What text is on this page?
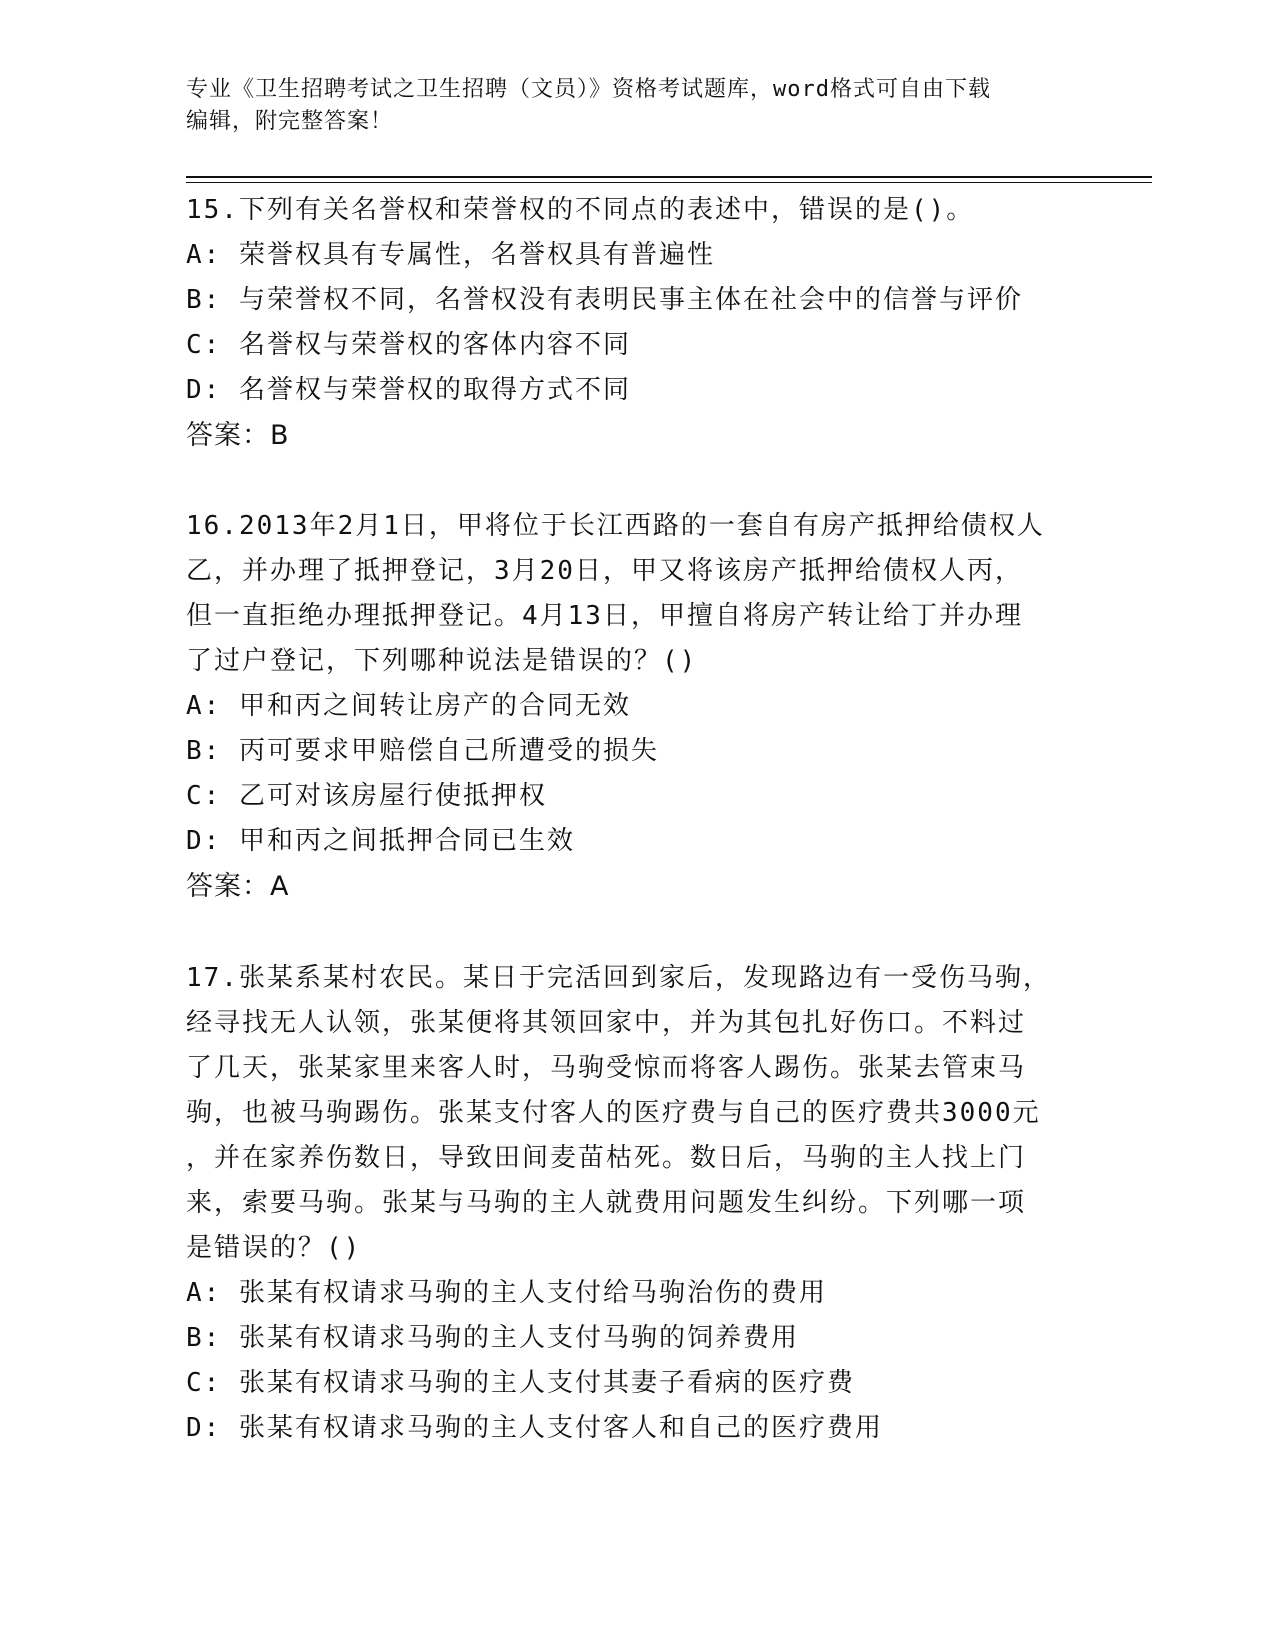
专业《卫生招聘考试之卫生招聘（文员）》资格考试题库，word格式可自由下载
编辑，附完整答案！

15.下列有关名誉权和荣誉权的不同点的表述中，错误的是()。

A: 荣誉权具有专属性，名誉权具有普遍性

B: 与荣誉权不同，名誉权没有表明民事主体在社会中的信誉与评价

C: 名誉权与荣誉权的客体内容不同

D: 名誉权与荣誉权的取得方式不同

答案：B

16.2013年2月1日，甲将位于长江西路的一套自有房产抵押给债权人
乙，并办理了抵押登记，3月20日，甲又将该房产抵押给债权人丙，
但一直拒绝办理抵押登记。4月13日，甲擅自将房产转让给丁并办理
了过户登记，下列哪种说法是错误的？()

A: 甲和丙之间转让房产的合同无效

B: 丙可要求甲赔偿自己所遭受的损失

C: 乙可对该房屋行使抵押权

D: 甲和丙之间抵押合同已生效

答案：A

17.张某系某村农民。某日于完活回到家后，发现路边有一受伤马驹，
经寻找无人认领，张某便将其领回家中，并为其包扎好伤口。不料过
了几天，张某家里来客人时，马驹受惊而将客人踢伤。张某去管束马
驹，也被马驹踢伤。张某支付客人的医疗费与自己的医疗费共3000元
，并在家养伤数日，导致田间麦苗枯死。数日后，马驹的主人找上门
来，索要马驹。张某与马驹的主人就费用问题发生纠纷。下列哪一项
是错误的？()

A: 张某有权请求马驹的主人支付给马驹治伤的费用

B: 张某有权请求马驹的主人支付马驹的饲养费用

C: 张某有权请求马驹的主人支付其妻子看病的医疗费

D: 张某有权请求马驹的主人支付客人和自己的医疗费用
